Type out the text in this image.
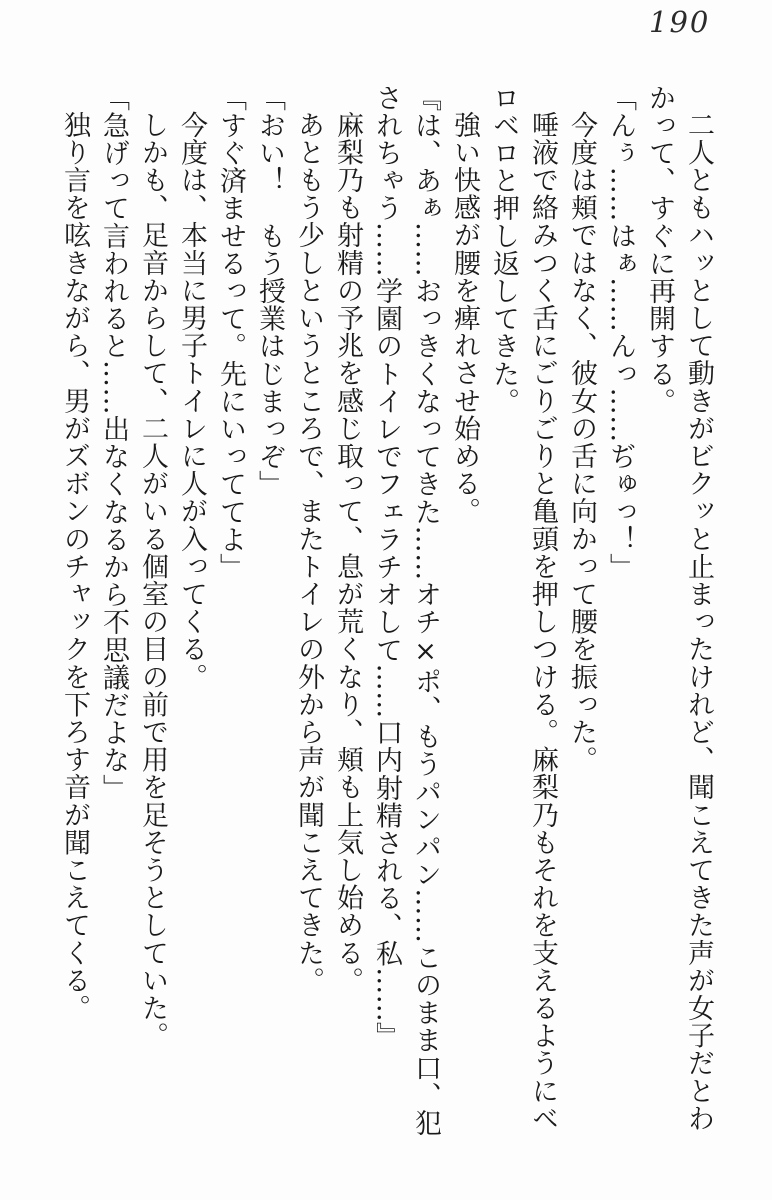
190

二人ともハッとして動きがビクッと止まったけれど、聞こえてきた声が女子だとわかって、すぐに再開する。

「んぅ……はぁ……んっ……ぢゅっ！」

今度は頬ではなく、彼女の舌に向かって腰を振った。

唾液で絡みつく舌にごりごりと亀頭を押しつける。麻梨乃もそれを支えるようにベロベロと押し返してきた。

強い快感が腰を痺れさせ始める。

『は、あぁ……おっきくなってきた……オチ×ポ、もうパンパン……このまま口、犯されちゃう……学園のトイレでフェラチオして……口内射精される、私……』

麻梨乃も射精の予兆を感じ取って、息が荒くなり、頬も上気し始める。

あともう少しというところで、またトイレの外から声が聞こえてきた。

「おい！　もう授業はじまっぞ」

「すぐ済ませるって。先にいっててよ」

今度は、本当に男子トイレに人が入ってくる。

しかも、足音からして、二人がいる個室の目の前で用を足そうとしていた。

「急げって言われると……出なくなるから不思議だよな」

独り言を呟きながら、男がズボンのチャックを下ろす音が聞こえてくる。
